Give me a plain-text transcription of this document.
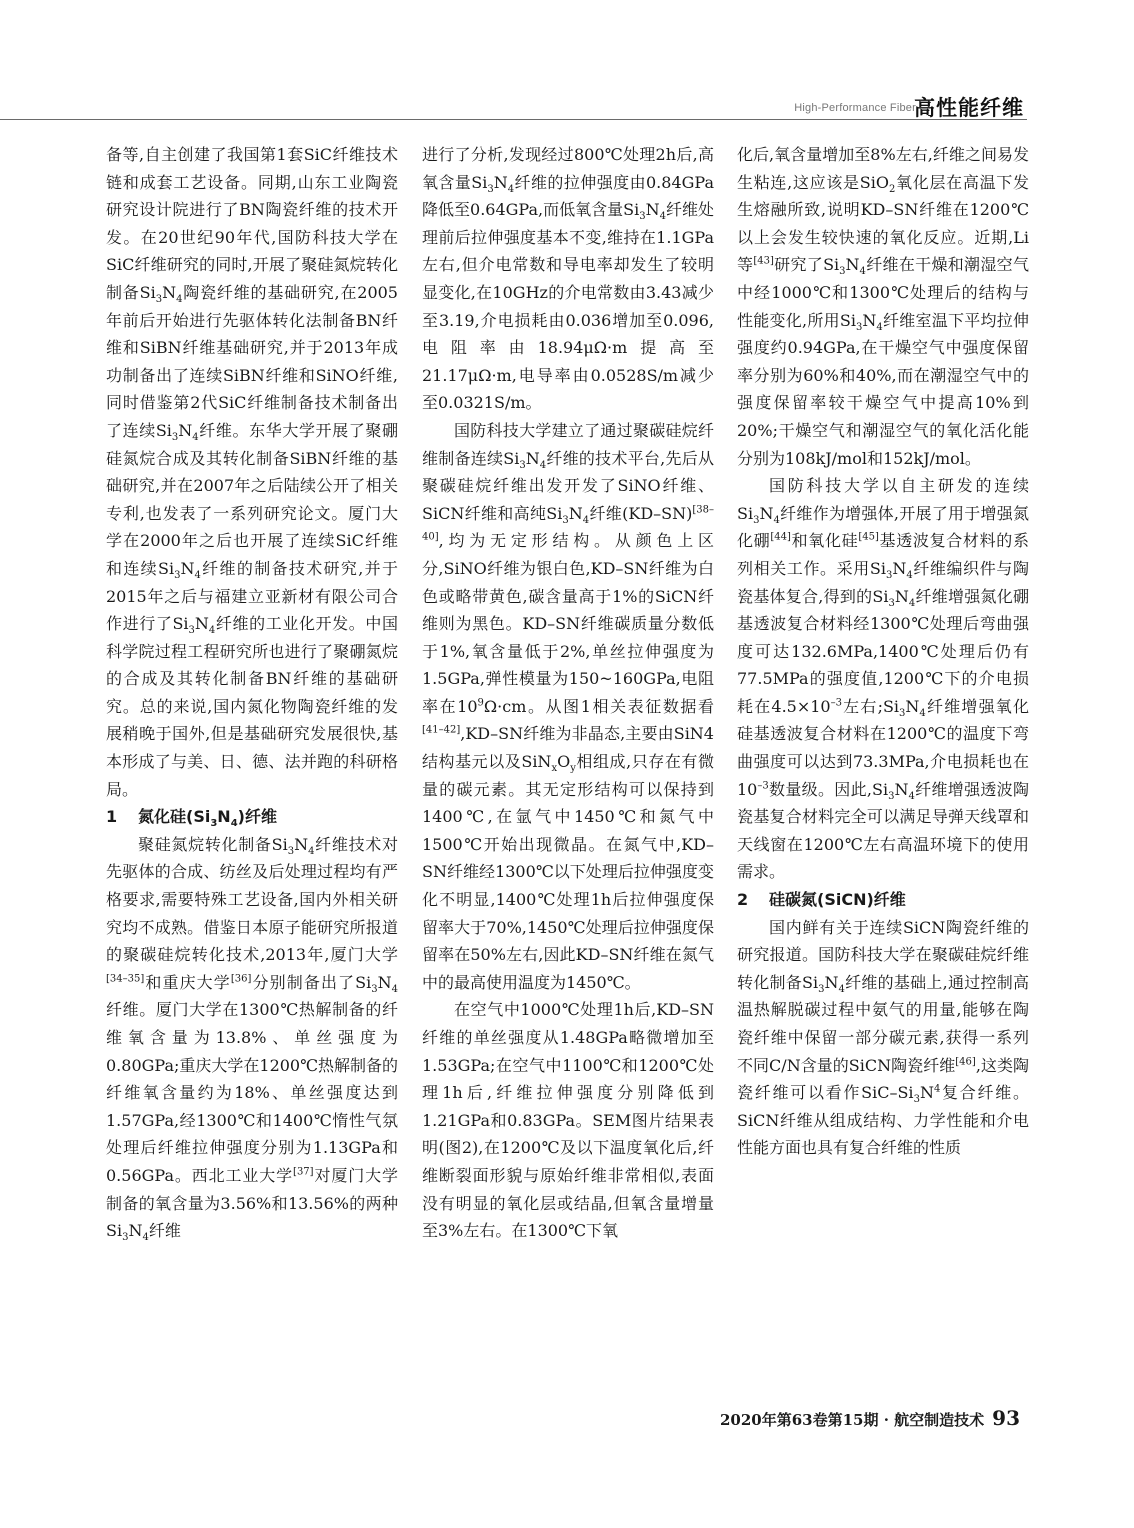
High-Performance Fiber
高性能纤维

备等,自主创建了我国第1套SiC纤维技术链和成套工艺设备。同期,山东工业陶瓷研究设计院进行了BN陶瓷纤维的技术开发。在20世纪90年代,国防科技大学在SiC纤维研究的同时,开展了聚硅氮烷转化制备$Si_3N_4$陶瓷纤维的基础研究,在2005年前后开始进行先驱体转化法制备BN纤维和SiBN纤维基础研究,并于2013年成功制备出了连续SiBN纤维和SiNO纤维,同时借鉴第2代SiC纤维制备技术制备出了连续$Si_3N_4$纤维。东华大学开展了聚硼硅氮烷合成及其转化制备SiBN纤维的基础研究,并在2007年之后陆续公开了相关专利,也发表了一系列研究论文。厦门大学在2000年之后也开展了连续SiC纤维和连续$Si_3N_4$纤维的制备技术研究,并于2015年之后与福建立亚新材有限公司合作进行了$Si_3N_4$纤维的工业化开发。中国科学院过程工程研究所也进行了聚硼氮烷的合成及其转化制备BN纤维的基础研究。总的来说,国内氮化物陶瓷纤维的发展稍晚于国外,但是基础研究发展很快,基本形成了与美、日、德、法并跑的科研格局。

1 氮化硅$(Si_3N_4)$纤维

聚硅氮烷转化制备$Si_3N_4$纤维技术对先驱体的合成、纺丝及后处理过程均有严格要求,需要特殊工艺设备,国内外相关研究均不成熟。借鉴日本原子能研究所报道的聚碳硅烷转化技术,2013年,厦门大学[34–35]和重庆大学[36]分别制备出了$Si_3N_4$纤维。厦门大学在1300℃热解制备的纤维氧含量为13.8%、单丝强度为0.80GPa;重庆大学在1200℃热解制备的纤维氧含量约为18%、单丝强度达到1.57GPa,经1300℃和1400℃惰性气氛处理后纤维拉伸强度分别为1.13GPa和0.56GPa。西北工业大学[37]对厦门大学制备的氧含量为3.56%和13.56%的两种$Si_3N_4$纤维

进行了分析,发现经过800℃处理2h后,高氧含量$Si_3N_4$纤维的拉伸强度由0.84GPa降低至0.64GPa,而低氧含量$Si_3N_4$纤维处理前后拉伸强度基本不变,维持在1.1GPa左右,但介电常数和导电率却发生了较明显变化,在10GHz的介电常数由3.43减少至3.19,介电损耗由0.036增加至0.096,电阻率由18.94μΩ·m提高至21.17μΩ·m,电导率由0.0528S/m减少至0.0321S/m。

国防科技大学建立了通过聚碳硅烷纤维制备连续$Si_3N_4$纤维的技术平台,先后从聚碳硅烷纤维出发开发了SiNO纤维、SiCN纤维和高纯$Si_3N_4$纤维(KD–SN)[38–40],均为无定形结构。从颜色上区分,SiNO纤维为银白色,KD–SN纤维为白色或略带黄色,碳含量高于1%的SiCN纤维则为黑色。KD–SN纤维碳质量分数低于1%,氧含量低于2%,单丝拉伸强度为1.5GPa,弹性模量为150~160GPa,电阻率在$10^9\Omega\cdot cm$。从图1相关表征数据看[41–42],KD–SN纤维为非晶态,主要由SiN4结构基元以及$SiN_xO_y$相组成,只存在有微量的碳元素。其无定形结构可以保持到1400℃,在氩气中1450℃和氮气中1500℃开始出现微晶。在氮气中,KD–SN纤维经1300℃以下处理后拉伸强度变化不明显,1400℃处理1h后拉伸强度保留率大于70%,1450℃处理后拉伸强度保留率在50%左右,因此KD–SN纤维在氮气中的最高使用温度为1450℃。

在空气中1000℃处理1h后,KD–SN纤维的单丝强度从1.48GPa略微增加至1.53GPa;在空气中1100℃和1200℃处理1h后,纤维拉伸强度分别降低到1.21GPa和0.83GPa。SEM图片结果表明(图2),在1200℃及以下温度氧化后,纤维断裂面形貌与原始纤维非常相似,表面没有明显的氧化层或结晶,但氧含量增量至3%左右。在1300℃下氧

化后,氧含量增加至8%左右,纤维之间易发生粘连,这应该是SiO$_2$氧化层在高温下发生熔融所致,说明KD–SN纤维在1200℃以上会发生较快速的氧化反应。近期,Li等[43]研究了$Si_3N_4$纤维在干燥和潮湿空气中经1000℃和1300℃处理后的结构与性能变化,所用$Si_3N_4$纤维室温下平均拉伸强度约0.94GPa,在干燥空气中强度保留率分别为60%和40%,而在潮湿空气中的强度保留率较干燥空气中提高10%到20%;干燥空气和潮湿空气的氧化活化能分别为108kJ/mol和152kJ/mol。

国防科技大学以自主研发的连续$Si_3N_4$纤维作为增强体,开展了用于增强氮化硼[44]和氧化硅[45]基透波复合材料的系列相关工作。采用$Si_3N_4$纤维编织件与陶瓷基体复合,得到的$Si_3N_4$纤维增强氮化硼基透波复合材料经1300℃处理后弯曲强度可达132.6MPa,1400℃处理后仍有77.5MPa的强度值,1200℃下的介电损耗在$4.5\times 10^{-3}$左右$;Si_3N_4$纤维增强氧化硅基透波复合材料在1200℃的温度下弯曲强度可以达到73.3MPa,介电损耗也在$10^{-3}$数量级。因此$,Si_3N_4$纤维增强透波陶瓷基复合材料完全可以满足导弹天线罩和天线窗在1200℃左右高温环境下的使用需求。

2 硅碳氮(SiCN)纤维

国内鲜有关于连续SiCN陶瓷纤维的研究报道。国防科技大学在聚碳硅烷纤维转化制备$Si_3N_4$纤维的基础上,通过控制高温热解脱碳过程中氨气的用量,能够在陶瓷纤维中保留一部分碳元素,获得一系列不同C/N含量的SiCN陶瓷纤维[46],这类陶瓷纤维可以看作SiC–$Si_3N^4$复合纤维。SiCN纤维从组成结构、力学性能和介电性能方面也具有复合纤维的性质

2020年第63卷第15期 · 航空制造技术 93
